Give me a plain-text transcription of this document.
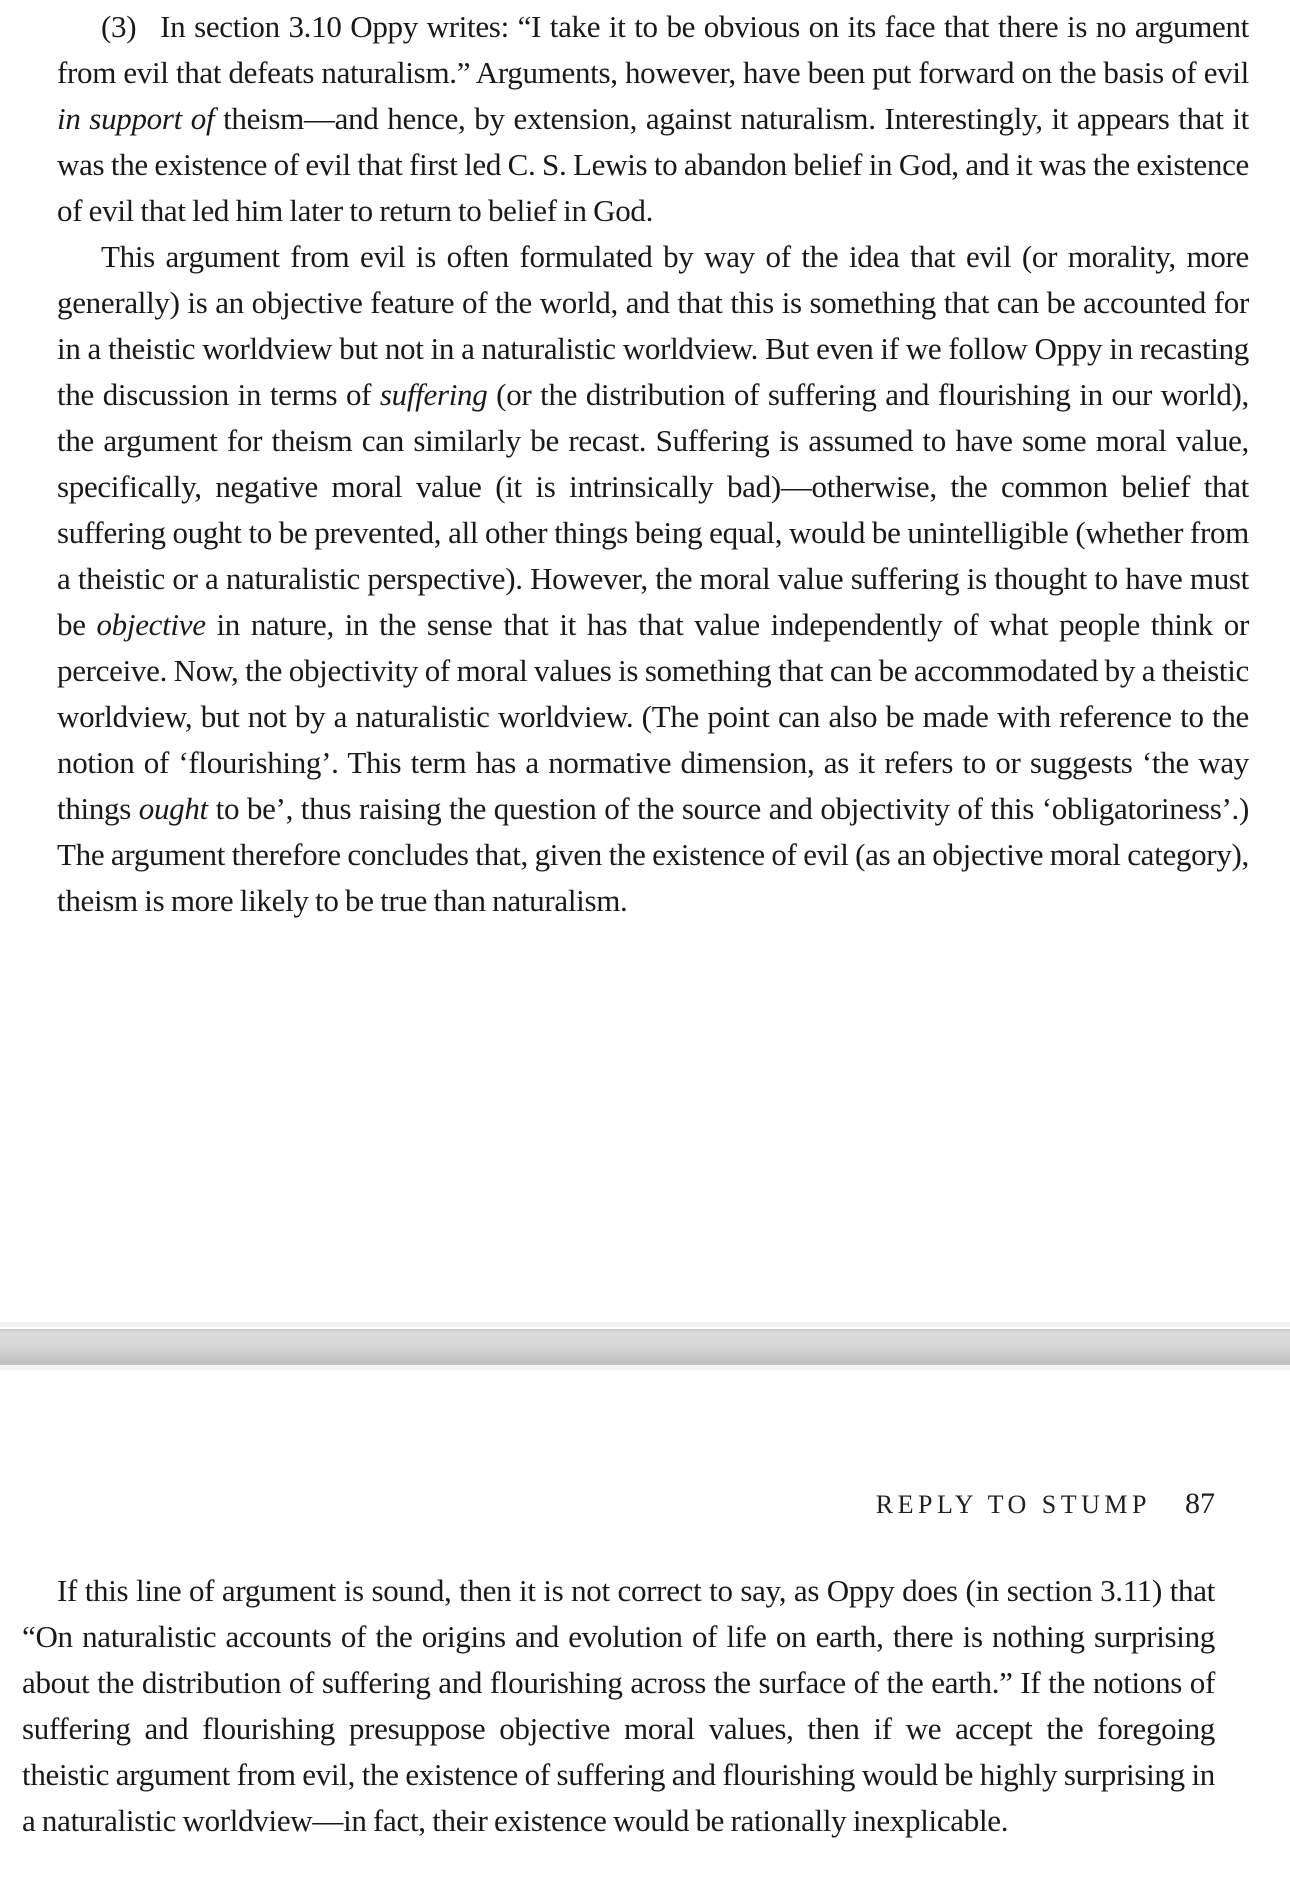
(3)  In section 3.10 Oppy writes: “I take it to be obvious on its face that there is no argument from evil that defeats naturalism.” Arguments, however, have been put forward on the basis of evil in support of theism—and hence, by extension, against naturalism. Interestingly, it appears that it was the existence of evil that first led C. S. Lewis to abandon belief in God, and it was the existence of evil that led him later to return to belief in God.

This argument from evil is often formulated by way of the idea that evil (or morality, more generally) is an objective feature of the world, and that this is something that can be accounted for in a theistic worldview but not in a naturalistic worldview. But even if we follow Oppy in recasting the discussion in terms of suffering (or the distribution of suffering and flourishing in our world), the argument for theism can similarly be recast. Suffering is assumed to have some moral value, specifically, negative moral value (it is intrinsically bad)—otherwise, the common belief that suffering ought to be prevented, all other things being equal, would be unintelligible (whether from a theistic or a naturalistic perspective). However, the moral value suffering is thought to have must be objective in nature, in the sense that it has that value independently of what people think or perceive. Now, the objectivity of moral values is something that can be accommodated by a theistic worldview, but not by a naturalistic worldview. (The point can also be made with reference to the notion of ‘flourishing’. This term has a normative dimension, as it refers to or suggests ‘the way things ought to be’, thus raising the question of the source and objectivity of this ‘obligatoriness’.) The argument therefore concludes that, given the existence of evil (as an objective moral category), theism is more likely to be true than naturalism.

REPLY TO STUMP 87

If this line of argument is sound, then it is not correct to say, as Oppy does (in section 3.11) that “On naturalistic accounts of the origins and evolution of life on earth, there is nothing surprising about the distribution of suffering and flourishing across the surface of the earth.” If the notions of suffering and flourishing presuppose objective moral values, then if we accept the foregoing theistic argument from evil, the existence of suffering and flourishing would be highly surprising in a naturalistic worldview—in fact, their existence would be rationally inexplicable.
